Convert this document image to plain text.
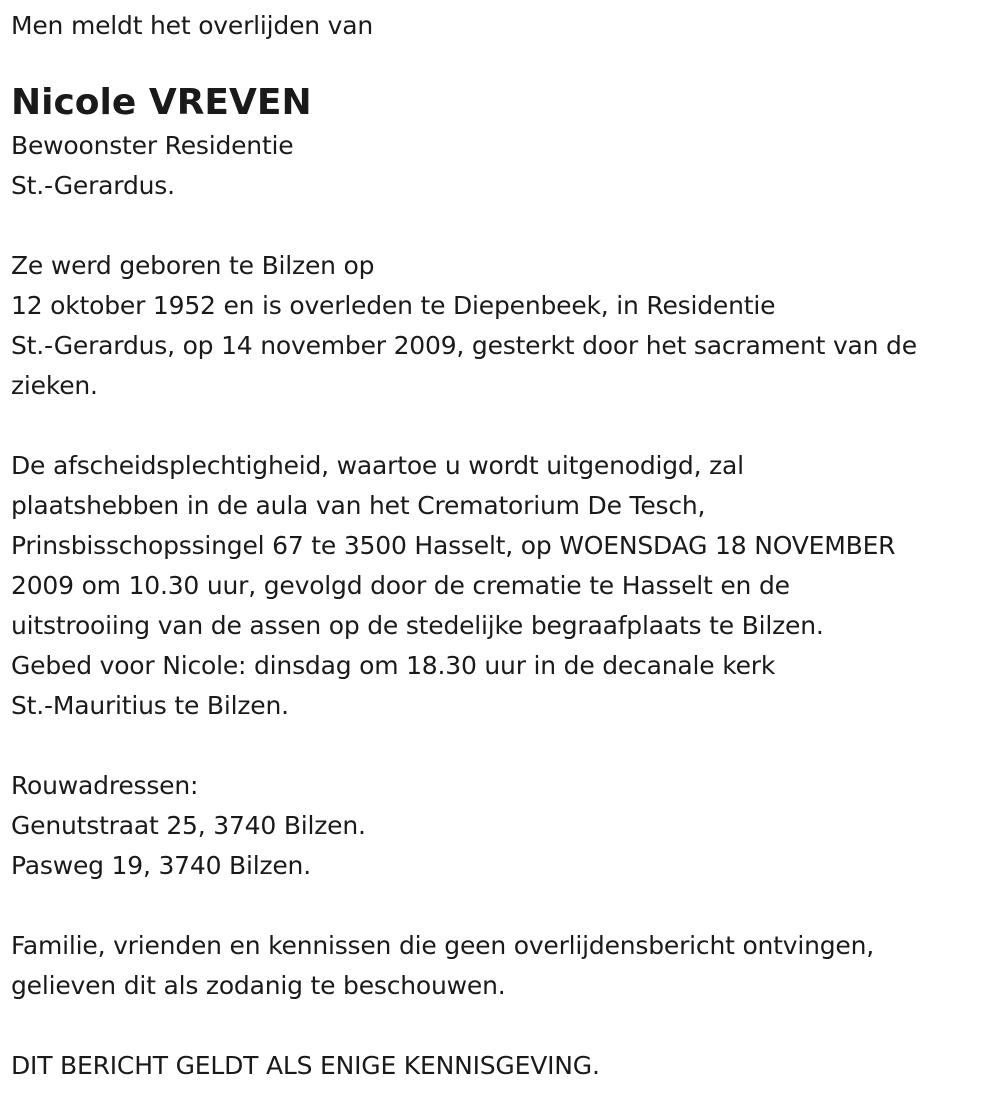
Men meldt het overlijden van
Nicole VREVEN
Bewoonster Residentie
St.-Gerardus.
Ze werd geboren te Bilzen op
12 oktober 1952 en is overleden te Diepenbeek, in Residentie
St.-Gerardus, op 14 november 2009, gesterkt door het sacrament van de
zieken.
De afscheidsplechtigheid, waartoe u wordt uitgenodigd, zal
plaatshebben in de aula van het Crematorium De Tesch,
Prinsbisschopssingel 67 te 3500 Hasselt, op WOENSDAG 18 NOVEMBER
2009 om 10.30 uur, gevolgd door de crematie te Hasselt en de
uitstrooiing van de assen op de stedelijke begraafplaats te Bilzen.
Gebed voor Nicole: dinsdag om 18.30 uur in de decanale kerk
St.-Mauritius te Bilzen.
Rouwadressen:
Genutstraat 25, 3740 Bilzen.
Pasweg 19, 3740 Bilzen.
Familie, vrienden en kennissen die geen overlijdensbericht ontvingen,
gelieven dit als zodanig te beschouwen.
DIT BERICHT GELDT ALS ENIGE KENNISGEVING.
